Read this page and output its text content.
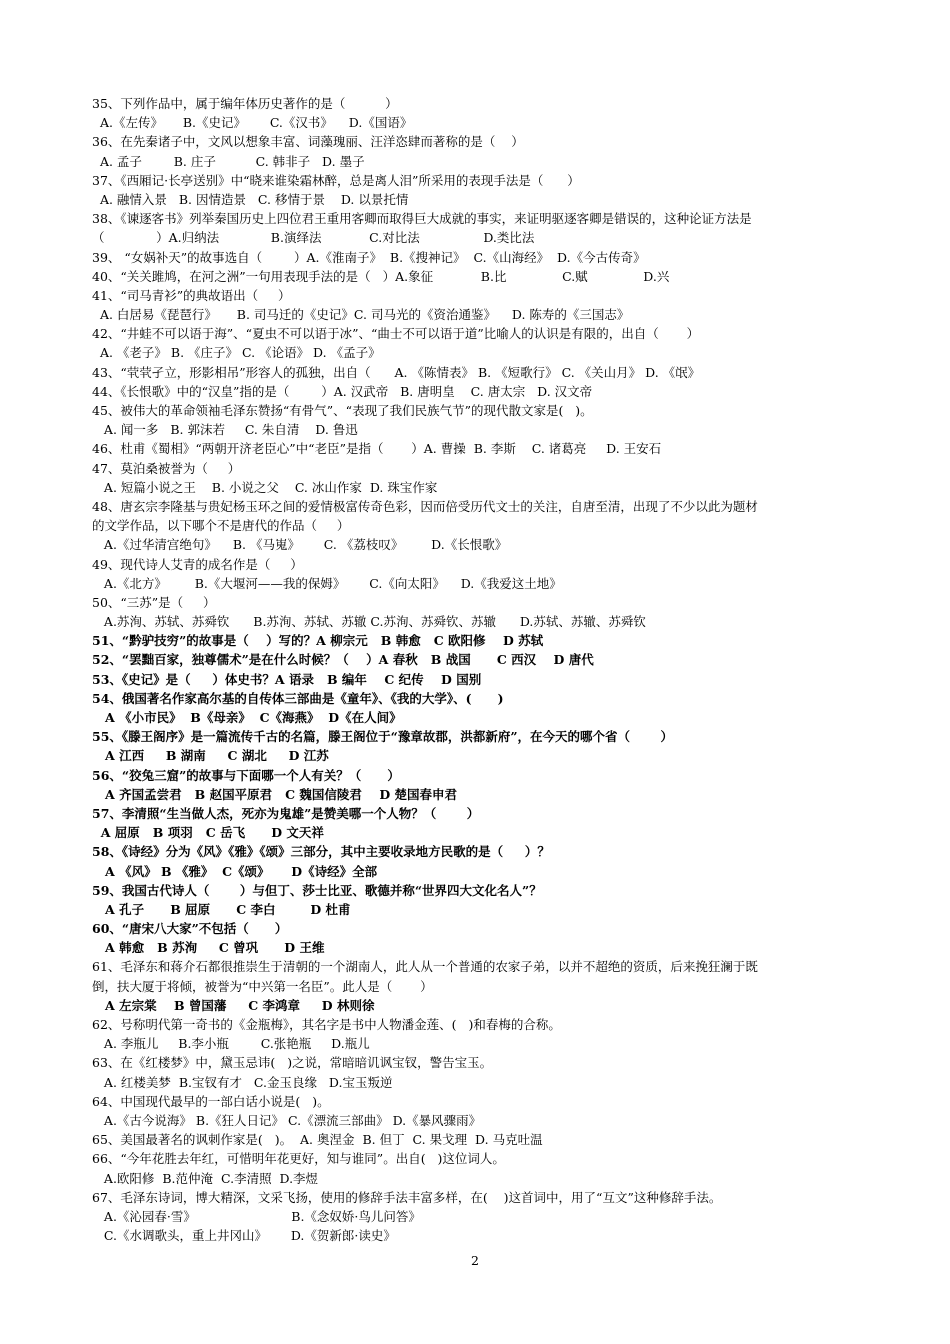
35、下列作品中，属于编年体历史著作的是（          ）
A.《左传》     B.《史记》      C.《汉书》    D.《国语》
36、在先秦诸子中，文风以想象丰富、词藻瑰丽、汪洋恣肆而著称的是（    ）
A. 孟子        B. 庄子          C. 韩非子   D. 墨子
37、《西厢记·长亭送别》中“晓来谁染霜林醉，总是离人泪”所采用的表现手法是（      ）
A. 融情入景   B. 因情造景   C. 移情于景    D. 以景托情
38、《谏逐客书》列举秦国历史上四位君王重用客卿而取得巨大成就的事实，来证明驱逐客卿是错误的，这种论证方法是
（             ）A.归纳法             B.演绎法            C.对比法                D.类比法
39、 “女娲补天”的故事选自（        ）A.《淮南子》  B.《搜神记》  C.《山海经》  D.《今古传奇》
40、“关关雎鸠，在河之洲”一句用表现手法的是（   ）A.象征            B.比              C.赋              D.兴
41、“司马青衫”的典故语出（     ）
A. 白居易《琵琶行》     B. 司马迁的《史记》C. 司马光的《资治通鉴》    D. 陈寿的《三国志》
42、“井蛙不可以语于海”、“夏虫不可以语于冰”、“曲士不可以语于道”比喻人的认识是有限的，出自（       ）
A. 《老子》 B. 《庄子》 C. 《论语》 D. 《孟子》
43、“茕茕孑立，形影相吊”形容人的孤独，出自（      A. 《陈情表》 B. 《短歌行》 C. 《关山月》 D. 《氓》
44、《长恨歌》中的“汉皇”指的是（        ）A. 汉武帝   B. 唐明皇    C. 唐太宗   D. 汉文帝
45、被伟大的革命领袖毛泽东赞扬“有骨气”、“表现了我们民族气节”的现代散文家是(   )。
A. 闻一多   B. 郭沫若     C. 朱自清    D. 鲁迅
46、杜甫《蜀相》“两朝开济老臣心”中“老臣”是指（       ）A. 曹操  B. 李斯    C. 诸葛亮     D. 王安石
47、莫泊桑被誉为（     ）
A. 短篇小说之王    B. 小说之父    C. 冰山作家  D. 珠宝作家
48、唐玄宗李隆基与贵妃杨玉环之间的爱情极富传奇色彩，因而倍受历代文士的关注，自唐至清，出现了不少以此为题材
的文学作品，以下哪个不是唐代的作品（     ）
A.《过华清宫绝句》    B. 《马嵬》      C. 《荔枝叹》       D.《长恨歌》
49、现代诗人艾青的成名作是（     ）
A.《北方》       B.《大堰河——我的保姆》      C.《向太阳》    D.《我爱这土地》
50、“三苏”是（     ）
A.苏洵、苏轼、苏舜钦      B.苏洵、苏轼、苏辙 C.苏洵、苏舜钦、苏辙      D.苏轼、苏辙、苏舜钦
51、“黔驴技穷”的故事是（    ）写的？A 柳宗元   B 韩愈   C 欧阳修    D 苏轼
52、“罢黜百家，独尊儒术”是在什么时候？（    ）A 春秋   B 战国      C 西汉    D 唐代
53、《史记》是（     ）体史书？A 语录   B 编年    C 纪传    D 国别
54、俄国著名作家高尔基的自传体三部曲是《童年》、《我的大学》、(      )
A 《小市民》  B《母亲》  C《海燕》  D《在人间》
55、《滕王阁序》是一篇流传千古的名篇，滕王阁位于“豫章故郡，洪都新府”，在今天的哪个省（       ）
A 江西     B 湖南     C 湖北     D 江苏
56、“狡兔三窟”的故事与下面哪一个人有关？（      ）
A 齐国孟尝君   B 赵国平原君   C 魏国信陵君    D 楚国春申君
57、李清照“生当做人杰，死亦为鬼雄”是赞美哪一个人物？（       ）
A 屈原   B 项羽   C 岳飞      D 文天祥
58、《诗经》分为《风》《雅》《颂》三部分，其中主要收录地方民歌的是（     ）？
A 《风》 B 《雅》  C《颂》     D《诗经》全部
59、我国古代诗人（       ）与但丁、莎士比亚、歌德并称“世界四大文化名人”？
A 孔子      B 屈原      C 李白        D 杜甫
60、“唐宋八大家”不包括（      ）
A 韩愈   B 苏洵     C 曾巩      D 王维
61、毛泽东和蒋介石都很推崇生于清朝的一个湖南人，此人从一个普通的农家子弟，以并不超绝的资质，后来挽狂澜于既
倒，扶大厦于将倾，被誉为“中兴第一名臣”。此人是（       ）
A 左宗棠    B 曾国藩     C 李鸿章     D 林则徐
62、号称明代第一奇书的《金瓶梅》，其名字是书中人物潘金莲、(   )和春梅的合称。
A. 李瓶儿     B.李小瓶        C.张艳瓶     D.瓶儿
63、在《红楼梦》中，黛玉忌讳(   )之说，常暗暗讥讽宝钗，警告宝玉。
A. 红楼美梦  B.宝钗有才   C.金玉良缘   D.宝玉叛逆
64、中国现代最早的一部白话小说是(   )。
A.《古今说海》 B.《狂人日记》 C.《漂流三部曲》 D.《暴风骤雨》
65、美国最著名的讽刺作家是(   )。  A. 奥涅金  B. 但丁  C. 果戈理  D. 马克吐温
66、“今年花胜去年红，可惜明年花更好，知与谁同”。出自(   )这位词人。
A.欧阳修  B.范仲淹  C.李清照  D.李煜
67、毛泽东诗词，博大精深，文采飞扬，使用的修辞手法丰富多样，在(    )这首词中，用了“互文”这种修辞手法。
A.《沁园春·雪》                        B.《念奴娇·鸟儿问答》
C.《水调歌头，重上井冈山》      D.《贺新郎·读史》
2
